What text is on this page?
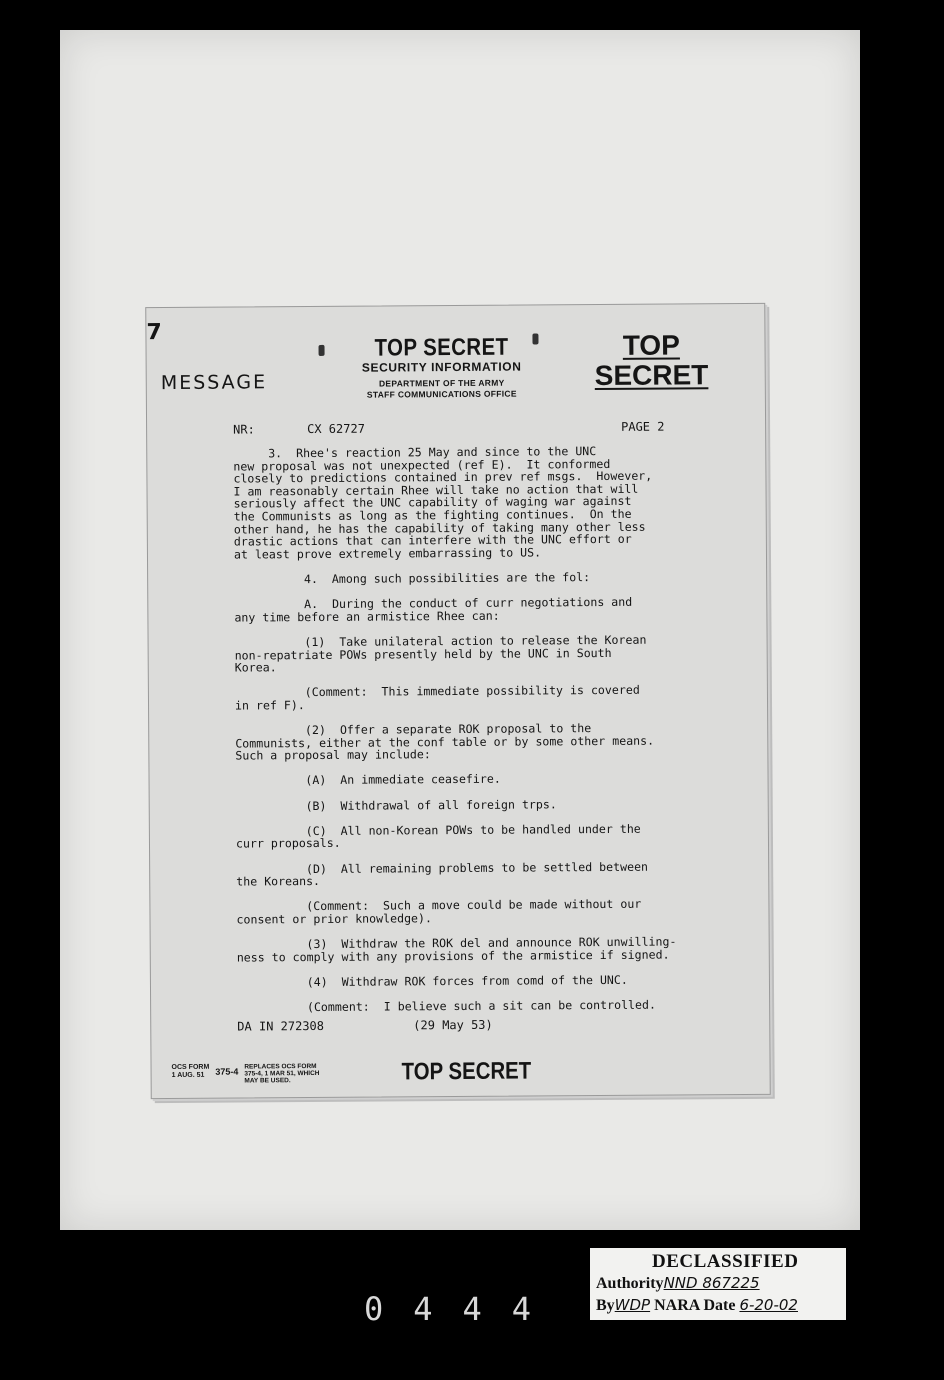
7
MESSAGE
TOP SECRET
SECURITY INFORMATION
DEPARTMENT OF THE ARMY
STAFF COMMUNICATIONS OFFICE
TOP
SECRET
NR:	CX 62727	PAGE 2

3.  Rhee's reaction 25 May and since to the UNC
new proposal was not unexpected (ref E).  It conformed
closely to predictions contained in prev ref msgs.  However,
I am reasonably certain Rhee will take no action that will
seriously affect the UNC capability of waging war against
the Communists as long as the fighting continues.  On the
other hand, he has the capability of taking many other less
drastic actions that can interfere with the UNC effort or
at least prove extremely embarrassing to US.

4.  Among such possibilities are the fol:

A.  During the conduct of curr negotiations and
any time before an armistice Rhee can:

(1)  Take unilateral action to release the Korean
non-repatriate POWs presently held by the UNC in South
Korea.

(Comment:  This immediate possibility is covered
in ref F).

(2)  Offer a separate ROK proposal to the
Communists, either at the conf table or by some other means.
Such a proposal may include:

(A)  An immediate ceasefire.

(B)  Withdrawal of all foreign trps.

(C)  All non-Korean POWs to be handled under the
curr proposals.

(D)  All remaining problems to be settled between
the Koreans.

(Comment:  Such a move could be made without our
consent or prior knowledge).

(3)  Withdraw the ROK del and announce ROK unwilling-
ness to comply with any provisions of the armistice if signed.

(4)  Withdraw ROK forces from comd of the UNC.

(Comment:  I believe such a sit can be controlled.

DA IN 272308	(29 May 53)
OCS FORM
1 AUG. 51	375-4 REPLACES OCS FORM
375-4, 1 MAR 51, WHICH
MAY BE USED.	TOP SECRET
0444
DECLASSIFIED
AuthorityNND 867225
ByWDP NARA Date 6-20-02
